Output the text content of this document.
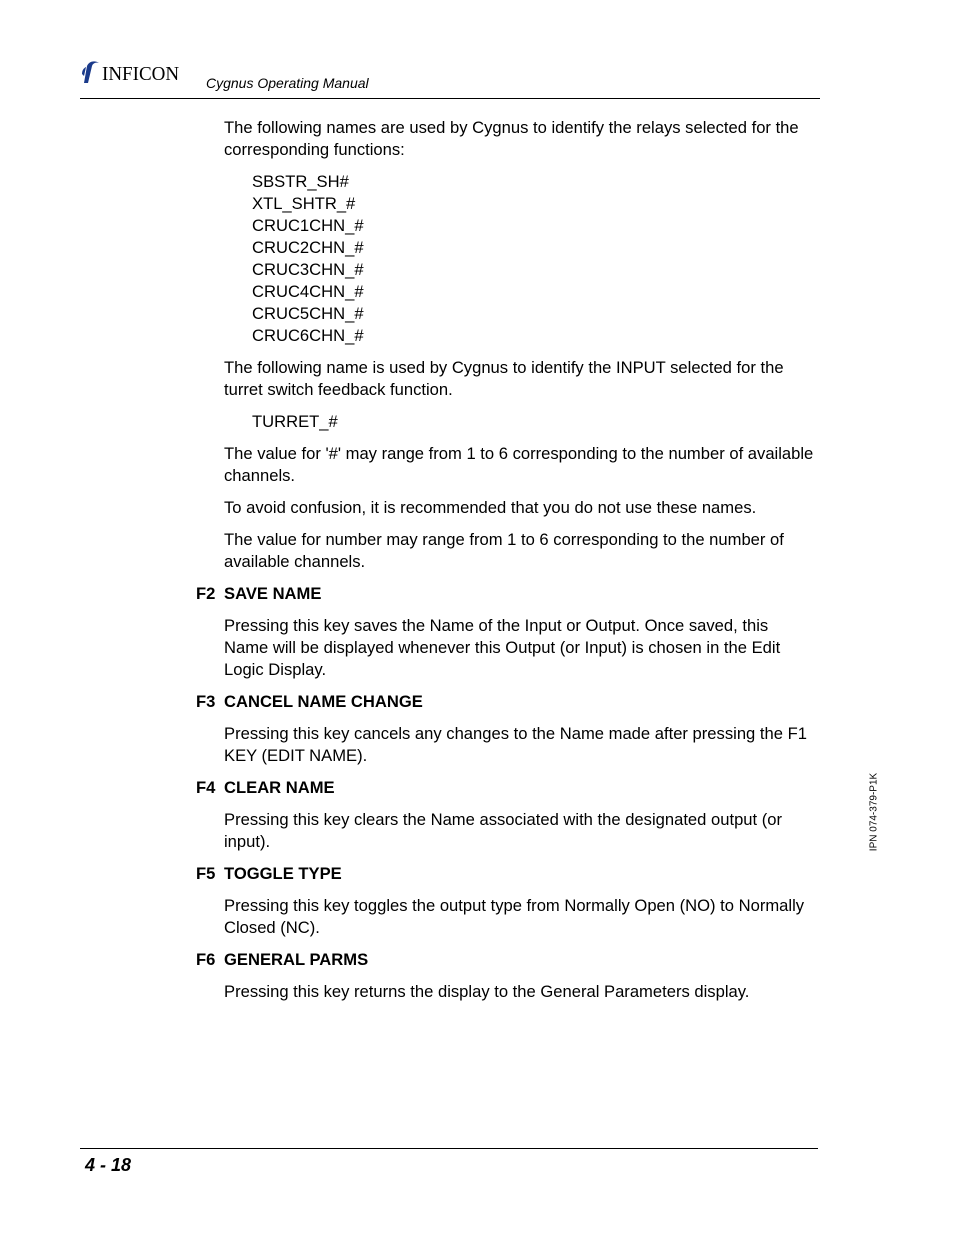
INFICON Cygnus Operating Manual

The following names are used by Cygnus to identify the relays selected for the corresponding functions:

SBSTR_SH#
XTL_SHTR_#
CRUC1CHN_#
CRUC2CHN_#
CRUC3CHN_#
CRUC4CHN_#
CRUC5CHN_#
CRUC6CHN_#

The following name is used by Cygnus to identify the INPUT selected for the turret switch feedback function.

TURRET_#

The value for '#' may range from 1 to 6 corresponding to the number of available channels.

To avoid confusion, it is recommended that you do not use these names.

The value for number may range from 1 to 6 corresponding to the number of available channels.

F2 SAVE NAME

Pressing this key saves the Name of the Input or Output. Once saved, this Name will be displayed whenever this Output (or Input) is chosen in the Edit Logic Display.

F3 CANCEL NAME CHANGE

Pressing this key cancels any changes to the Name made after pressing the F1 KEY (EDIT NAME).

F4 CLEAR NAME

Pressing this key clears the Name associated with the designated output (or input).

F5 TOGGLE TYPE

Pressing this key toggles the output type from Normally Open (NO) to Normally Closed (NC).

F6 GENERAL PARMS

Pressing this key returns the display to the General Parameters display.

IPN 074-379-P1K
4 - 18
